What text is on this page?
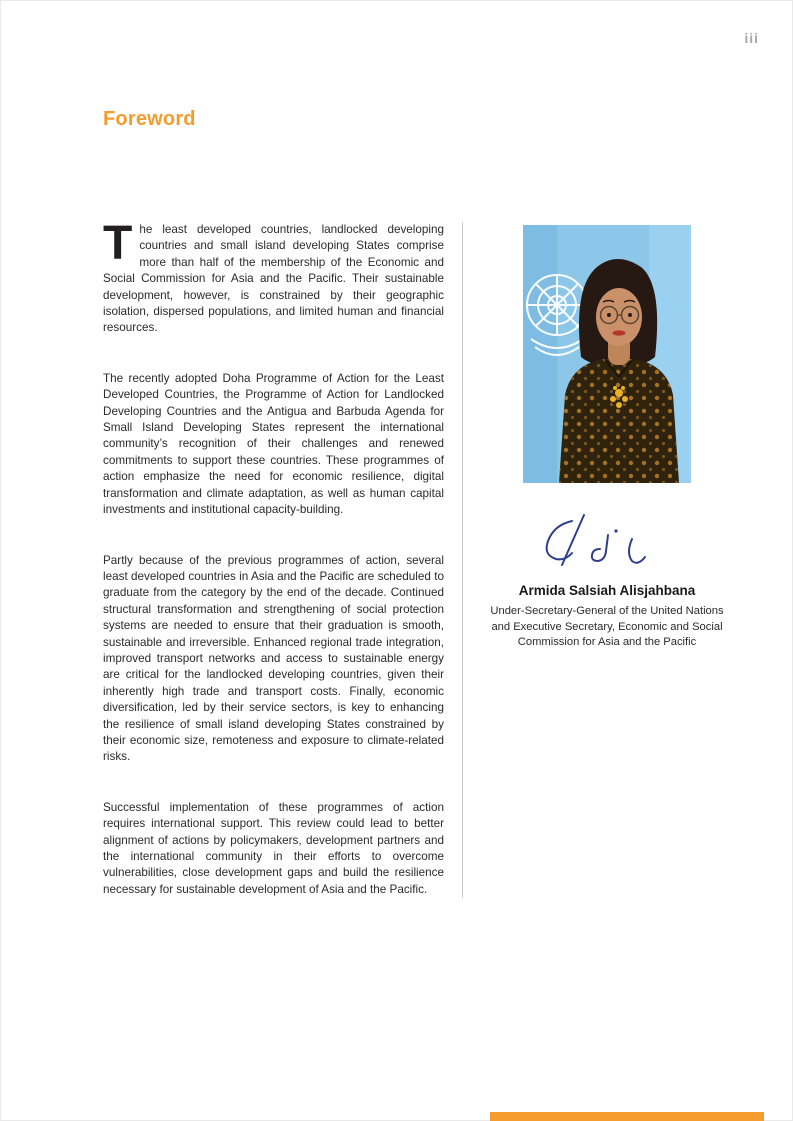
iii
Foreword

The least developed countries, landlocked developing countries and small island developing States comprise more than half of the membership of the Economic and Social Commission for Asia and the Pacific. Their sustainable development, however, is constrained by their geographic isolation, dispersed populations, and limited human and financial resources.

The recently adopted Doha Programme of Action for the Least Developed Countries, the Programme of Action for Landlocked Developing Countries and the Antigua and Barbuda Agenda for Small Island Developing States represent the international community’s recognition of their challenges and renewed commitments to support these countries. These programmes of action emphasize the need for economic resilience, digital transformation and climate adaptation, as well as human capital investments and institutional capacity-building.

Partly because of the previous programmes of action, several least developed countries in Asia and the Pacific are scheduled to graduate from the category by the end of the decade. Continued structural transformation and strengthening of social protection systems are needed to ensure that their graduation is smooth, sustainable and irreversible. Enhanced regional trade integration, improved transport networks and access to sustainable energy are critical for the landlocked developing countries, given their inherently high trade and transport costs. Finally, economic diversification, led by their service sectors, is key to enhancing the resilience of small island developing States constrained by their economic size, remoteness and exposure to climate-related risks.

Successful implementation of these programmes of action requires international support. This review could lead to better alignment of actions by policymakers, development partners and the international community in their efforts to overcome vulnerabilities, close development gaps and build the resilience necessary for sustainable development of Asia and the Pacific.

Armida Salsiah Alisjahbana
Under-Secretary-General of the United Nations and Executive Secretary, Economic and Social Commission for Asia and the Pacific
